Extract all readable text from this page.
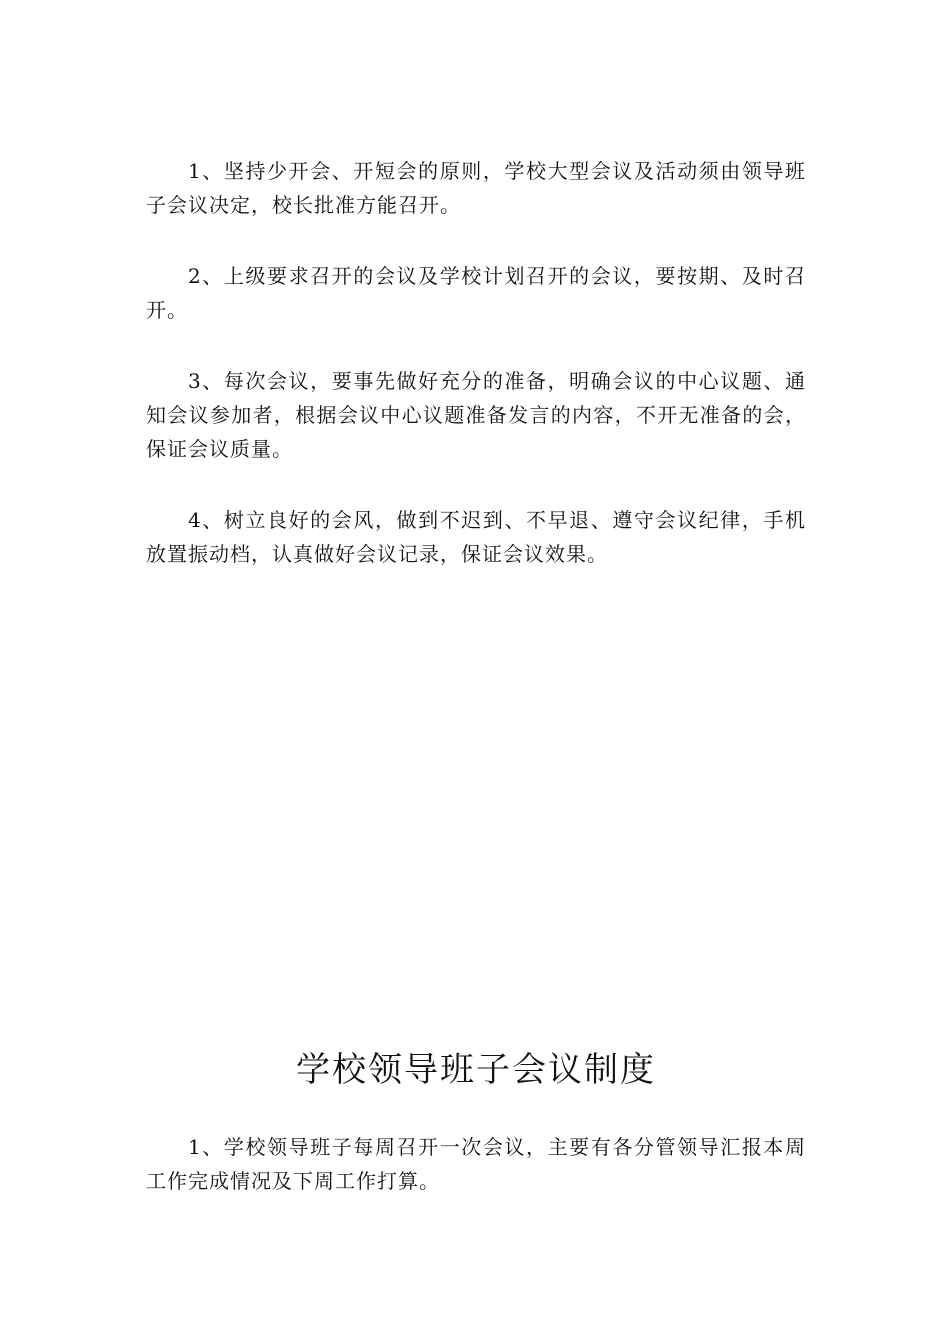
1、坚持少开会、开短会的原则，学校大型会议及活动须由领导班子会议决定，校长批准方能召开。

2、上级要求召开的会议及学校计划召开的会议，要按期、及时召开。

3、每次会议，要事先做好充分的准备，明确会议的中心议题、通知会议参加者，根据会议中心议题准备发言的内容，不开无准备的会，保证会议质量。

4、树立良好的会风，做到不迟到、不早退、遵守会议纪律，手机放置振动档，认真做好会议记录，保证会议效果。

学校领导班子会议制度

1、学校领导班子每周召开一次会议，主要有各分管领导汇报本周工作完成情况及下周工作打算。
